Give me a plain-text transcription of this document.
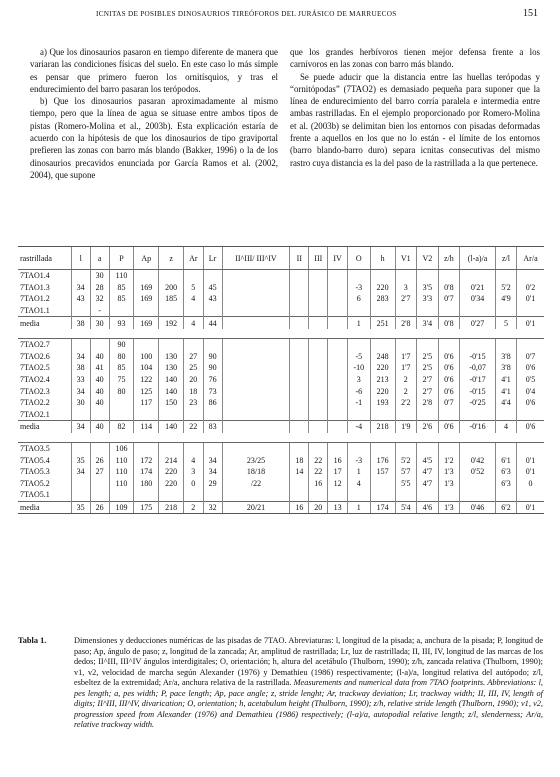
ICNITAS DE POSIBLES DINOSAURIOS TIREÓFOROS DEL JURÁSICO DE MARRUECOS	151

a) Que los dinosaurios pasaron en tiempo diferente de manera que variaran las condiciones físicas del suelo. En este caso lo más simple es pensar que primero fueron los ornitísquios, y tras el endurecimiento del barro pasaran los terópodos.

b) Que los dinosaurios pasaran aproximadamente al mismo tiempo, pero que la línea de agua se situase entre ambos tipos de pistas (Romero-Molina et al., 2003b). Esta explicación estaría de acuerdo con la hipótesis de que los dinosaurios de tipo graviportal prefieren las zonas con barro más blando (Bakker, 1996) o la de los dinosaurios precavidos enunciada por García Ramos et al. (2002, 2004), que supone

que los grandes herbívoros tienen mejor defensa frente a los carnívoros en las zonas con barro más blando.

Se puede aducir que la distancia entre las huellas terópodas y “ornitópodas” (7TAO2) es demasiado pequeña para suponer que la línea de endurecimiento del barro corría paralela e intermedia entre ambas rastrilladas. En el ejemplo proporcionado por Romero-Molina et al. (2003b) se delimitan bien los entornos con pisadas deformadas frente a aquellos en los que no lo están - el límite de los entornos (barro blando-barro duro) separa icnitas consecutivas del mismo rastro cuya distancia es la del paso de la rastrillada a la que pertenece.

rastrillada	l	a	P	Ap	z	Ar	Lr	II^III/ III^IV	II	III	IV	O	h	V1	V2	z/h	(l-a)/a	z/l	Ar/a
7TAO1.4		30	110																
7TAO1.3	34	28	85	169	200	5	45					-3	220	3	3'5	0'8	0'21	5'2	0'2
7TAO1.2	43	32	85	169	185	4	43					6	283	2'7	3'3	0'7	0'34	4'9	0'1
7TAO1.1		-																	
media	38	30	93	169	192	4	44					1	251	2'8	3'4	0'8	0'27	5	0'1

7TAO2.7			90																
7TAO2.6	34	40	80	100	130	27	90					-5	248	1'7	2'5	0'6	-0'15	3'8	0'7
7TAO2.5	38	41	85	104	130	25	90					-10	220	1'7	2'5	0'6	-0,07	3'8	0'6
7TAO2.4	33	40	75	122	140	20	76					3	213	2	2'7	0'6	-0'17	4'1	0'5
7TAO2.3	34	40	80	125	140	18	73					-6	220	2	2'7	0'6	-0'15	4'1	0'4
7TAO2.2	30	40		117	150	23	86					-1	193	2'2	2'8	0'7	-0'25	4'4	0'6
7TAO2.1																			
media	34	40	82	114	140	22	83					-4	218	1'9	2'6	0'6	-0'16	4	0'6

7TAO3.5			106																
7TAO5.4	35	26	110	172	214	4	34	23/25	18	22	16	-3	176	5'2	4'5	1'2	0'42	6'1	0'1
7TAO5.3	34	27	110	174	220	3	34	18/18	14	22	17	1	157	5'7	4'7	1'3	0'52	6'3	0'1
7TAO5.2			110	180	220	0	29	/22		16	12	4		5'5	4'7	1'3		6'3	0
7TAO5.1																			
media	35	26	109	175	218	2	32	20/21	16	20	13	1	174	5'4	4'6	1'3	0'46	6'2	0'1
Tabla 1.	Dimensiones y deducciones numéricas de las pisadas de 7TAO. Abreviaturas: l, longitud de la pisada; a, anchura de la pisada; P, longitud de paso; Ap, ángulo de paso; z, longitud de la zancada; Ar, amplitud de rastrillada; Lr, luz de rastrillada; II, III, IV, longitud de las marcas de los dedos; II^III, III^IV ángulos interdigitales; O, orientación; h, altura del acetábulo (Thulborn, 1990); z/h, zancada relativa (Thulborn, 1990); v1, v2, velocidad de marcha según Alexander (1976) y Demathieu (1986) respectivamente; (l-a)/a, longitud relativa del autópodo; z/l, esbeltez de la extremidad; Ar/a, anchura relativa de la rastrillada. Measurements and numerical data from 7TAO footprints. Abbreviations: l, pes length; a, pes width; P, pace length; Ap, pace angle; z, stride lenght; Ar, trackway deviation; Lr, trackway width; II, III, IV, length of digits; II^III, III^IV, divarication; O, orientation; h, acetabulum height (Thulborn, 1990); z/h, relative stride length (Thulborn, 1990); v1, v2, progression speed from Alexander (1976) and Demathieu (1986) respectively; (l-a)/a, autopodial relative length; z/l, slenderness; Ar/a, relative trackway width.
